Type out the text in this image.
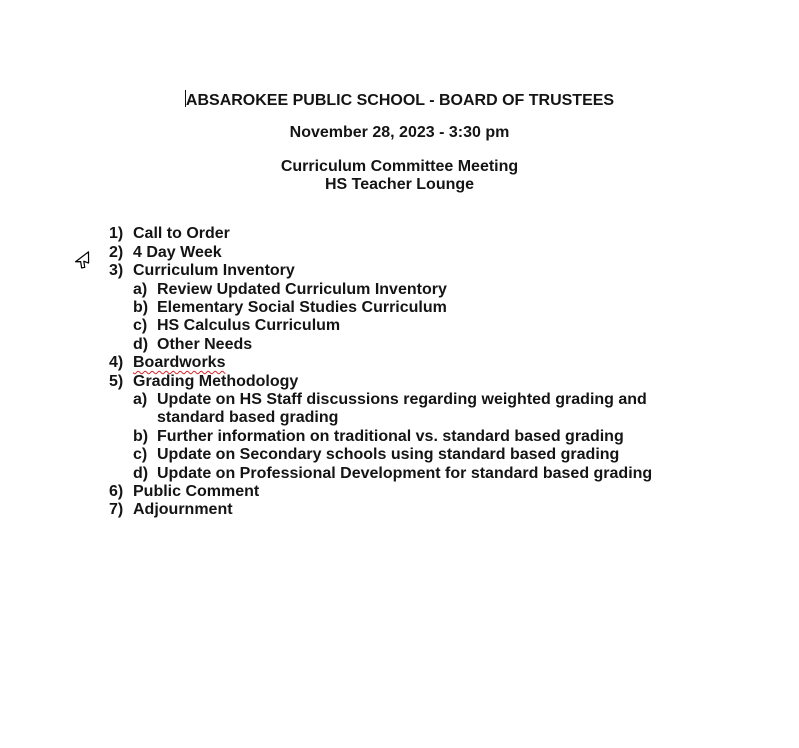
ABSAROKEE PUBLIC SCHOOL - BOARD OF TRUSTEES
November 28, 2023 - 3:30 pm
Curriculum Committee Meeting
HS Teacher Lounge
1) Call to Order
2) 4 Day Week
3) Curriculum Inventory
a) Review Updated Curriculum Inventory
b) Elementary Social Studies Curriculum
c) HS Calculus Curriculum
d) Other Needs
4) Boardworks
5) Grading Methodology
a) Update on HS Staff discussions regarding weighted grading and
standard based grading
b) Further information on traditional vs. standard based grading
c) Update on Secondary schools using standard based grading
d) Update on Professional Development for standard based grading
6) Public Comment
7) Adjournment
